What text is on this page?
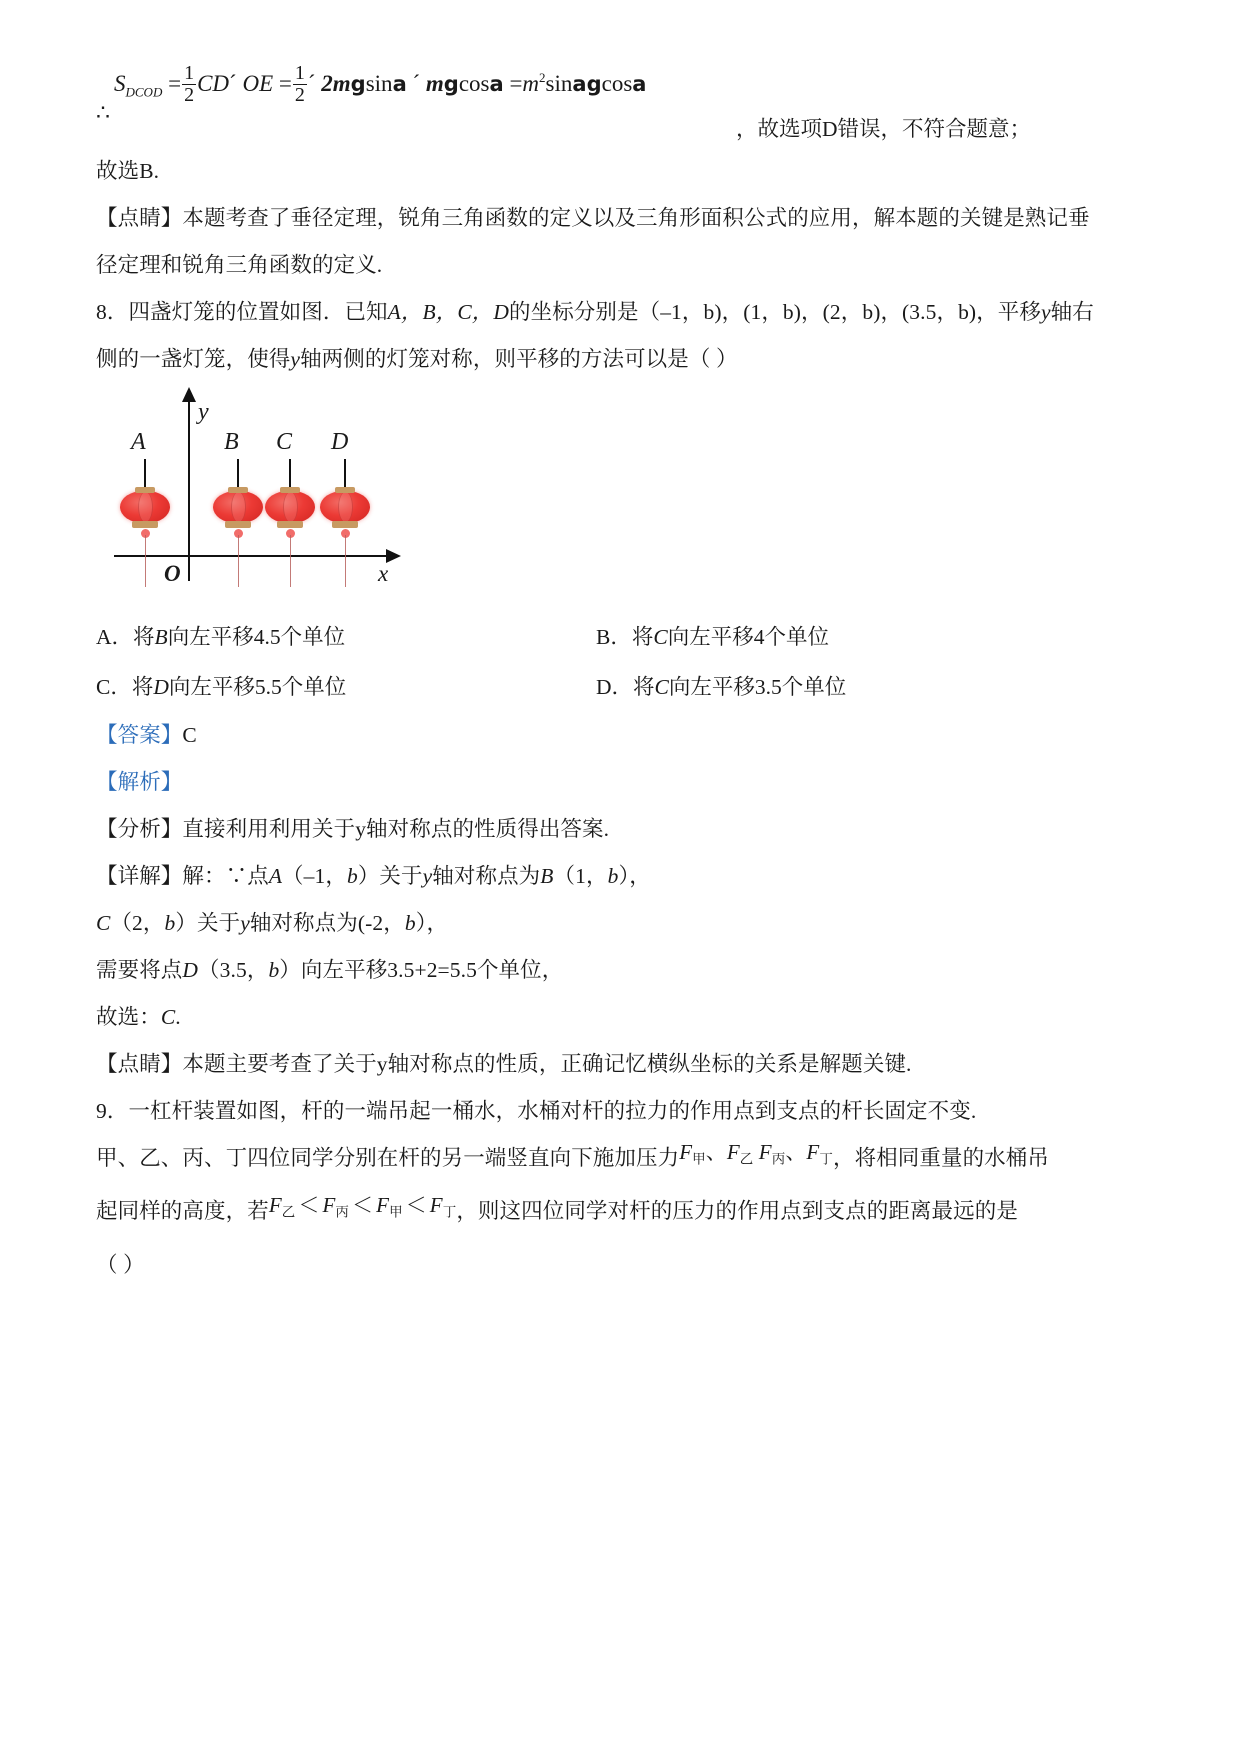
∴
$S_{DCOD} = \frac{1}{2}$ CD´ OE = $\frac{1}{2}$ ´ 2mgsina ´ $mgcosa =m^2sinagcosa$
，故选项D错误，不符合题意；
故选B.
【点睛】本题考查了垂径定理，锐角三角函数的定义以及三角形面积公式的应用，解本题的关键是熟记垂
径定理和锐角三角函数的定义.
8．四盏灯笼的位置如图．已知A，B，C，D的坐标分别是（–1，b)，(1，b)，(2，b)，(3.5，b)，平移y轴右
侧的一盏灯笼，使得y轴两侧的灯笼对称，则平移的方法可以是（ ）
y
x
O
A	B C D
A．将B向左平移4.5个单位	B．将C向左平移4个单位
C．将D向左平移5.5个单位	D．将C向左平移3.5个单位
【答案】C
【解析】
【分析】直接利用利用关于y轴对称点的性质得出答案.
【详解】解：∵点A（–1，b）关于y轴对称点为B（1，b），
C（2，b）关于y轴对称点为(-2，b），
需要将点D（3.5，b）向左平移3.5+2=5.5个单位，
故选：C.
【点睛】本题主要考查了关于y轴对称点的性质，正确记忆横纵坐标的关系是解题关键.
9．一杠杆装置如图，杆的一端吊起一桶水，水桶对杆的拉力的作用点到支点的杆长固定不变.
甲、乙、丙、丁四位同学分别在杆的另一端竖直向下施加压力$F_甲$、$F_乙$ $F_丙$、$F_丁$，将相同重量的水桶吊
起同样的高度，若$F_乙 < F_丙 < F_甲 < F_丁$，则这四位同学对杆的压力的作用点到支点的距离最远的是
（ ）
